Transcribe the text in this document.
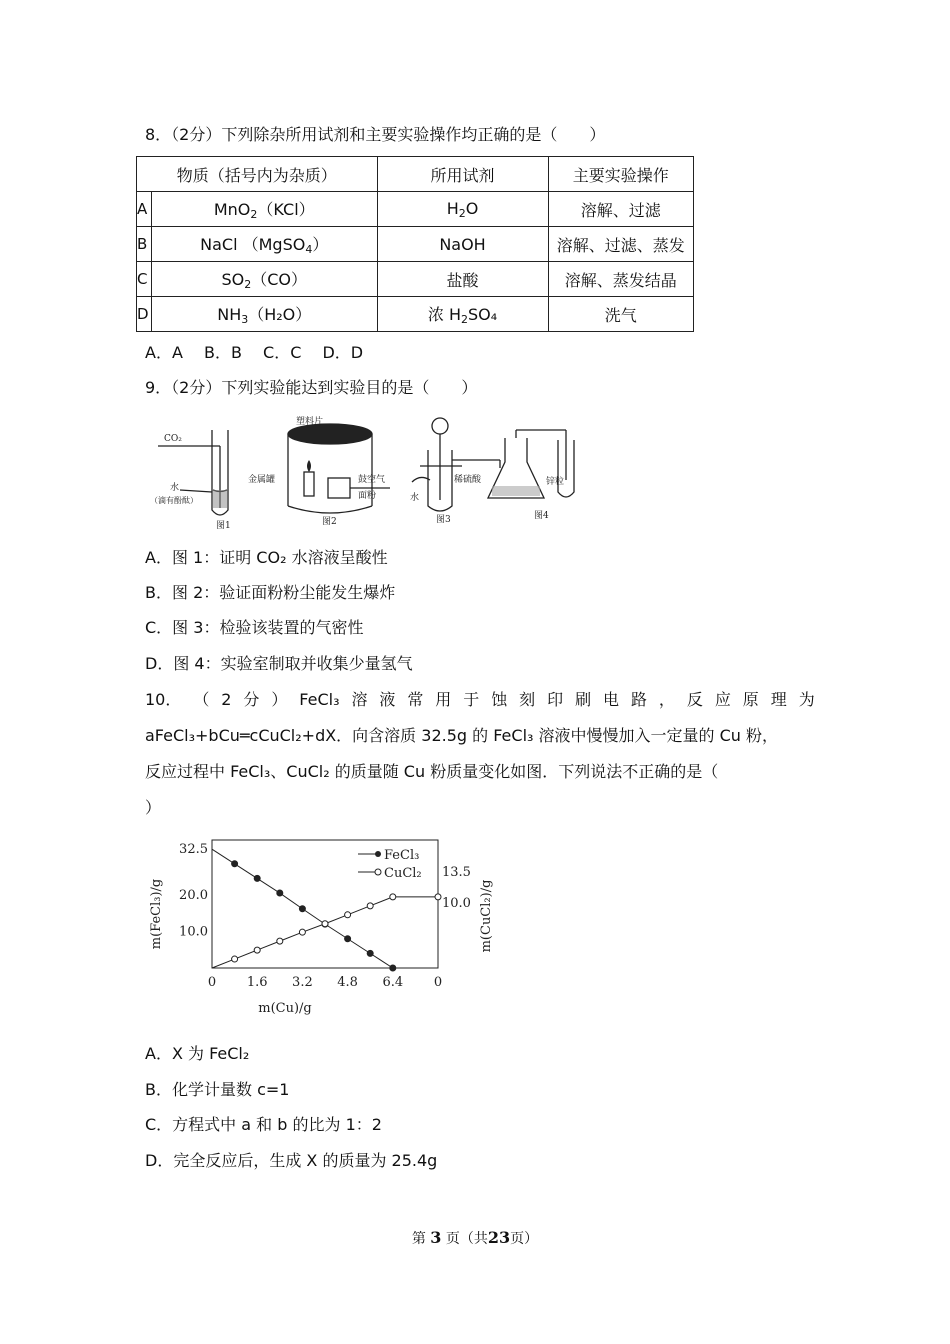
8．（2分）下列除杂所用试剂和主要实验操作均正确的是（　　）
物质（括号内为杂质）		所用试剂	主要实验操作
A	MnO$_2$（KCl）	$H_2O$	溶解、过滤
B	NaCl （MgSO$_4$）	NaOH	溶解、过滤、蒸发
C	$SO_2(CO)$	盐酸	溶解、蒸发结晶
D	$NH_3(H_2O)$	浓 $H_2SO_4$	洗气
A．A　 B．B　 C．C　 D．D
9．（2分）下列实验能达到实验目的是（　　）
CO₂
水
（滴有酚酞）
图1
塑料片
金属罐	鼓空气
面粉
图2
水
稀硫酸
图3
锌粒
图4
A．图 1：证明 CO₂ 水溶液呈酸性
B．图 2：验证面粉粉尘能发生爆炸
C．图 3：检验该装置的气密性
D．图 4：实验室制取并收集少量氢气
10． （ 2 分 ） FeCl₃ 溶 液 常 用 于 蚀 刻 印 刷 电 路 ， 反 应 原 理 为
aFeCl₃+bCu═cCuCl₂+dX．向含溶质 32.5g 的 FeCl₃ 溶液中慢慢加入一定量的 Cu 粉，
反应过程中 FeCl₃、CuCl₂ 的质量随 Cu 粉质量变化如图．下列说法不正确的是（
）
0 1.6 3.2 4.8 6.4 0
32.5
20.0
10.0
13.5
10.0
m(Cu)/g
m(FeCl₃)/g	m(CuCl₂)/g
FeCl₃
CuCl₂
A．X 为 FeCl₂
B．化学计量数 c=1
C．方程式中 a 和 b 的比为 1：2
D．完全反应后，生成 X 的质量为 25.4g
第 3 页（共23页）
